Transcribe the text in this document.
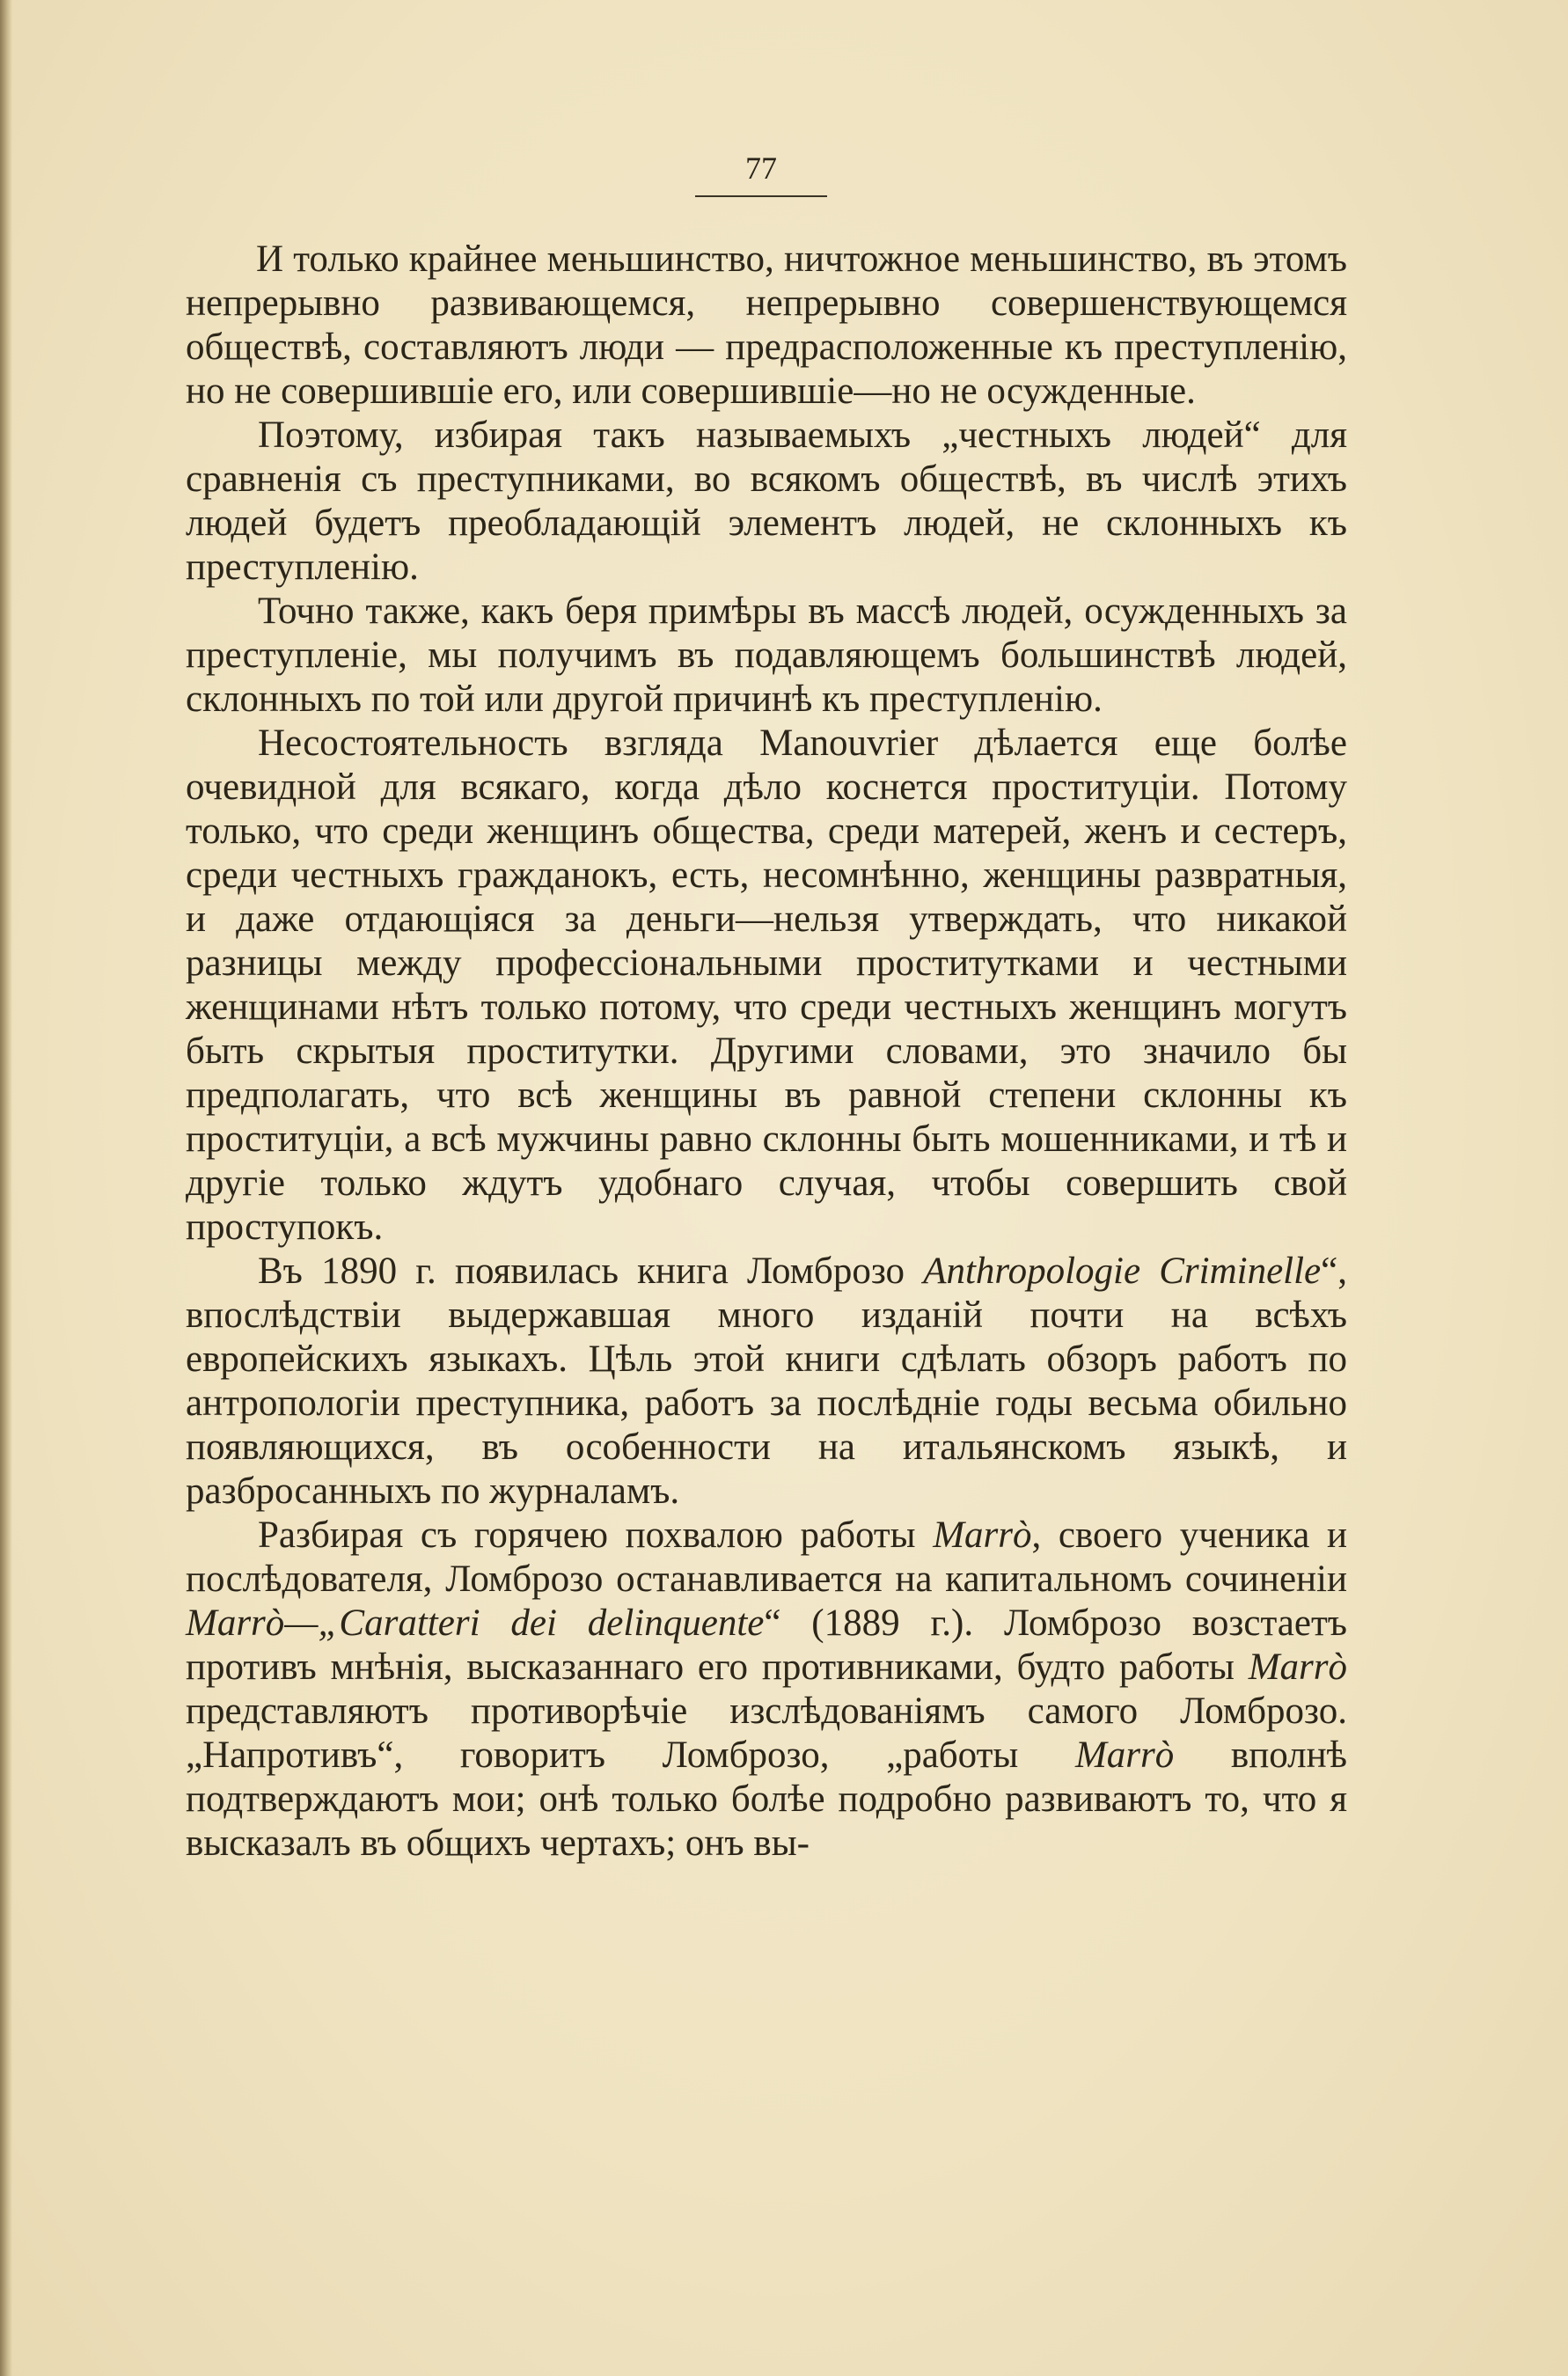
77

И только крайнее меньшинство, ничтожное меньшинство, въ этомъ непрерывно развивающемся, непрерывно совершенствующемся обществѣ, составляютъ люди — предрасположенные къ преступленію, но не совершившіе его, или совершившіе—но не осужденные.

Поэтому, избирая такъ называемыхъ „честныхъ людей“ для сравненія съ преступниками, во всякомъ обществѣ, въ числѣ этихъ людей будетъ преобладающій элементъ людей, не склонныхъ къ преступленію.

Точно также, какъ беря примѣры въ массѣ людей, осужденныхъ за преступленіе, мы получимъ въ подавляющемъ большинствѣ людей, склонныхъ по той или другой причинѣ къ преступленію.

Несостоятельность взгляда Manouvrier дѣлается еще болѣе очевидной для всякаго, когда дѣло коснется проституціи. Потому только, что среди женщинъ общества, среди матерей, женъ и сестеръ, среди честныхъ гражданокъ, есть, несомнѣнно, женщины развратныя, и даже отдающіяся за деньги—нельзя утверждать, что никакой разницы между профессіональными проститутками и честными женщинами нѣтъ только потому, что среди честныхъ женщинъ могутъ быть скрытыя проститутки. Другими словами, это значило бы предполагать, что всѣ женщины въ равной степени склонны къ проституціи, а всѣ мужчины равно склонны быть мошенниками, и тѣ и другіе только ждутъ удобнаго случая, чтобы совершить свой проступокъ.

Въ 1890 г. появилась книга Ломброзо Anthropologie Criminelle“, впослѣдствіи выдержавшая много изданій почти на всѣхъ европейскихъ языкахъ. Цѣль этой книги сдѣлать обзоръ работъ по антропологіи преступника, работъ за послѣдніе годы весьма обильно появляющихся, въ особенности на итальянскомъ языкѣ, и разбросанныхъ по журналамъ.

Разбирая съ горячею похвалою работы Marrò, своего ученика и послѣдователя, Ломброзо останавливается на капитальномъ сочиненіи Marrò—„Caratteri dei delinquente“ (1889 г.). Ломброзо возстаетъ противъ мнѣнія, высказаннаго его противниками, будто работы Marrò представляютъ противорѣчіе изслѣдованіямъ самого Ломброзо. „Напротивъ“, говоритъ Ломброзо, „работы Marrò вполнѣ подтверждаютъ мои; онѣ только болѣе подробно развиваютъ то, что я высказалъ въ общихъ чертахъ; онъ вы-
